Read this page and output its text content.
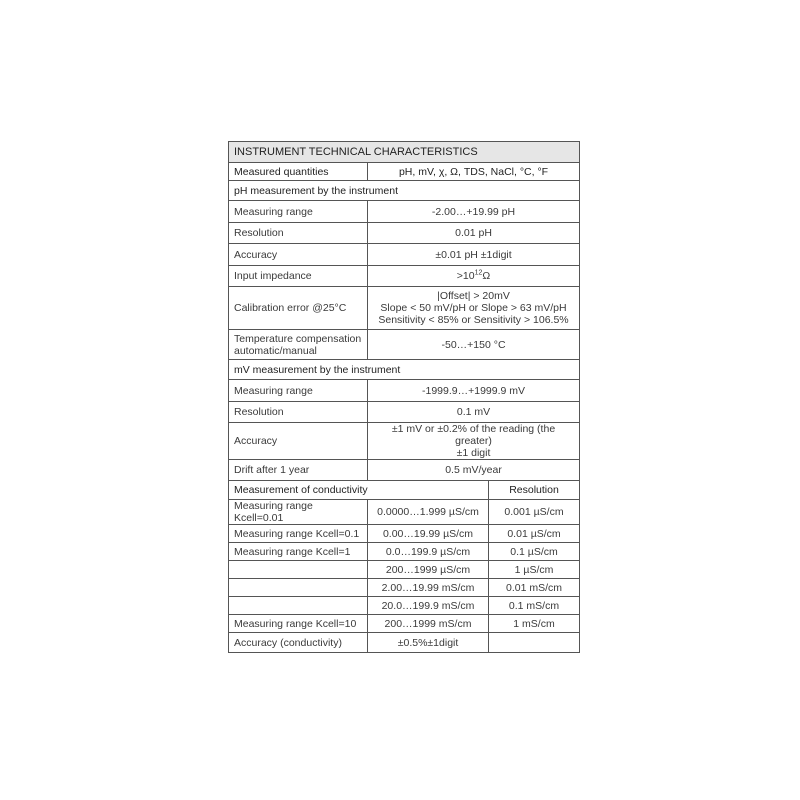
INSTRUMENT TECHNICAL CHARACTERISTICS		
Measured quantities	pH, mV, χ, Ω, TDS, NaCl, °C, °F	
pH measurement by the instrument		
Measuring range	-2.00…+19.99 pH	
Resolution	0.01 pH	
Accuracy	±0.01 pH ±1digit	
Input impedance	$>10^{12}\Omega$	
Calibration error @25°C	|Offset| > 20mV
Slope < 50 mV/pH or Slope > 63 mV/pH
Sensitivity < 85% or Sensitivity > 106.5%	

Temperature compensation
automatic/manual	-50…+150 °C	
mV measurement by the instrument		
Measuring range	-1999.9…+1999.9 mV	
Resolution	0.1 mV	
Accuracy	±1 mV or ±0.2% of the reading (the greater)
±1 digit	

Drift after 1 year	0.5 mV/year	
Measurement of conductivity		Resolution
Measuring range Kcell=0.01	0.0000…1.999 µS/cm	0.001 µS/cm
Measuring range Kcell=0.1	0.00…19.99 µS/cm	0.01 µS/cm
Measuring range Kcell=1	0.0…199.9 µS/cm	0.1 µS/cm
	200…1999 µS/cm	1 µS/cm
	2.00…19.99 mS/cm	0.01 mS/cm
	20.0…199.9 mS/cm	0.1 mS/cm
Measuring range Kcell=10	200…1999 mS/cm	1 mS/cm
Accuracy (conductivity)	±0.5%±1digit	
